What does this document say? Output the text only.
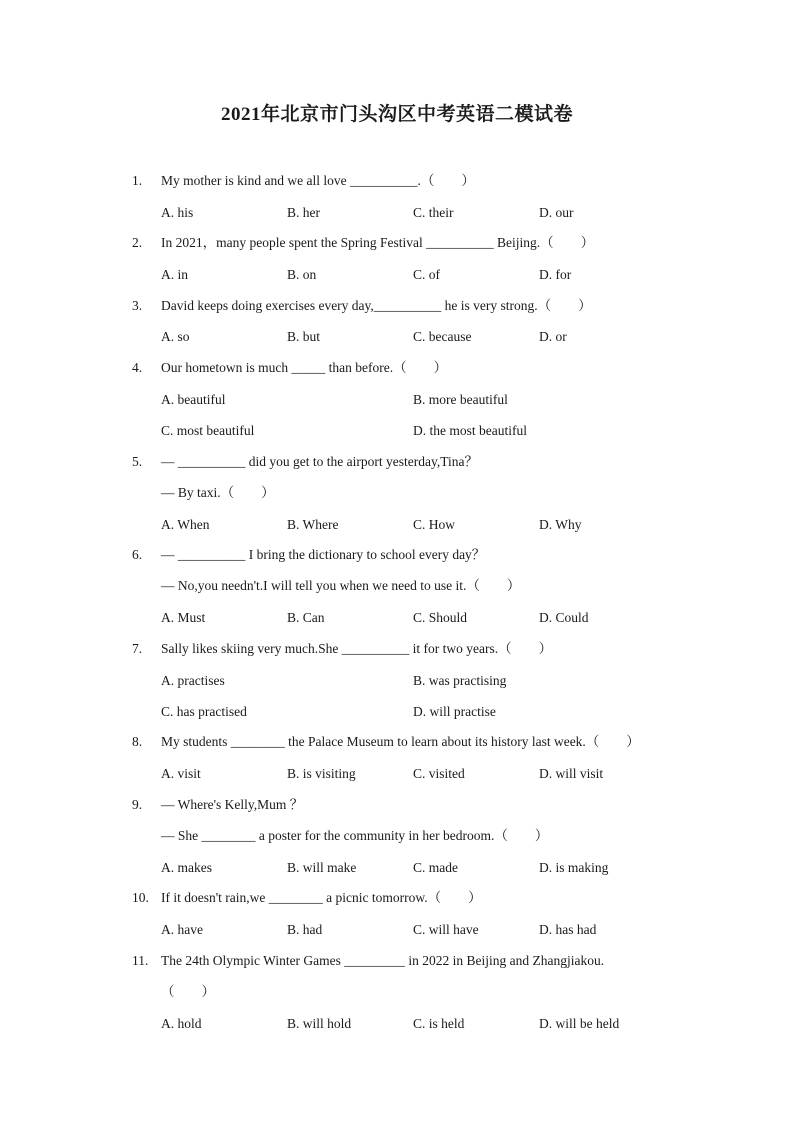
2021年北京市门头沟区中考英语二模试卷
1. My mother is kind and we all love __________.（　　）
A. his	B. her	C. their	D. our
2. In 2021，many people spent the Spring Festival __________ Beijing.（　　）
A. in	B. on	C. of	D. for
3. David keeps doing exercises every day,__________ he is very strong.（　　）
A. so	B. but	C. because	D. or
4. Our hometown is much _____ than before.（　　）
A. beautiful	B. more beautiful
C. most beautiful	D. the most beautiful
5. — __________ did you get to the airport yesterday,Tina？
— By taxi.（　　）
A. When	B. Where	C. How	D. Why
6. — __________ I bring the dictionary to school every day？
— No,you needn't.I will tell you when we need to use it.（　　）
A. Must	B. Can	C. Should	D. Could
7. Sally likes skiing very much.She __________ it for two years.（　　）
A. practises	B. was practising
C. has practised	D. will practise
8. My students ________ the Palace Museum to learn about its history last week.（　　）
A. visit	B. is visiting	C. visited	D. will visit
9. — Where's Kelly,Mum ？
— She ________ a poster for the community in her bedroom.（　　）
A. makes	B. will make	C. made	D. is making
10. If it doesn't rain,we ________ a picnic tomorrow.（　　）
A. have	B. had	C. will have	D. has had
11. The 24th Olympic Winter Games _________ in 2022 in Beijing and Zhangjiakou.
（　　）
A. hold	B. will hold	C. is held	D. will be held
